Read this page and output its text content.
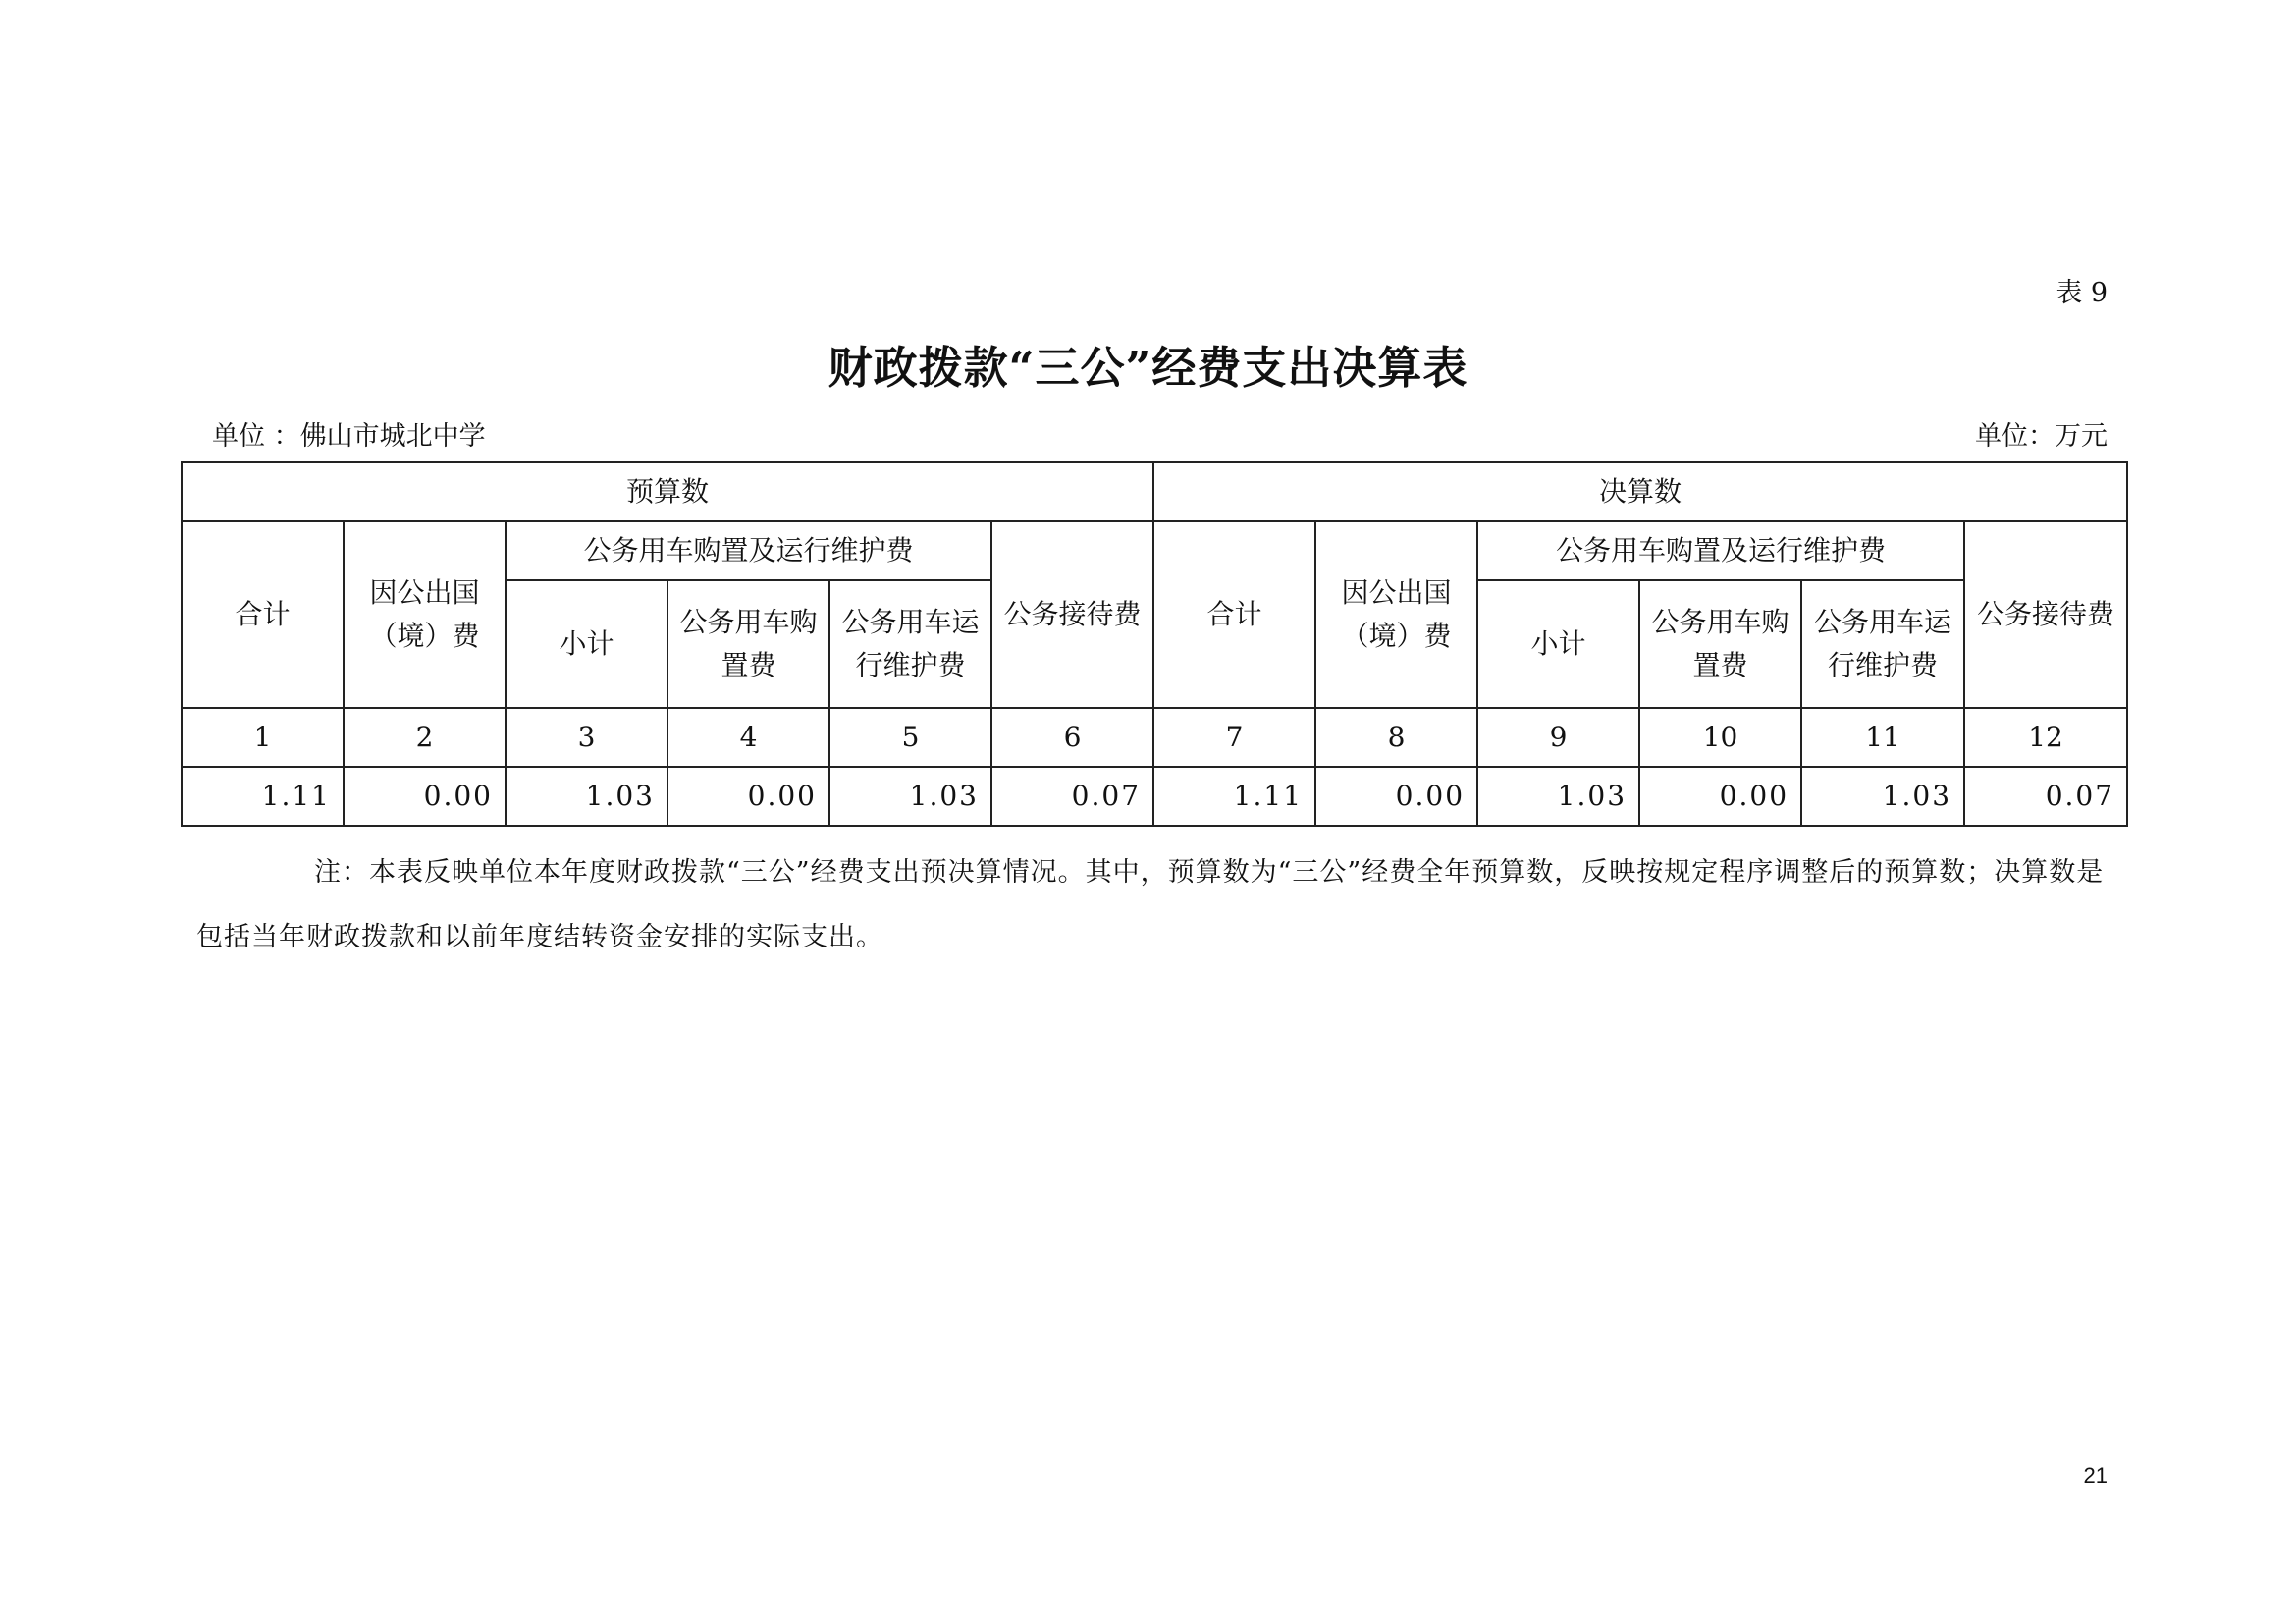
表 9
财政拨款“三公”经费支出决算表
单位 ：佛山市城北中学	单位：万元
预算数						决算数					
合计	因公出国（境）费	公务用车购置及运行维护费			公务接待费	合计	因公出国（境）费	公务用车购置及运行维护费			公务接待费
		小计	公务用车购置费	公务用车运行维护费				小计	公务用车购置费	公务用车运行维护费	
1	2	3	4	5	6	7	8	9	10	11	12
1.11	0.00	1.03	0.00	1.03	0.07	1.11	0.00	1.03	0.00	1.03	0.07
注：本表反映单位本年度财政拨款“三公”经费支出预决算情况。其中，预算数为“三公”经费全年预算数，反映按规定程序调整后的预算数；决算数是包括当年财政拨款和以前年度结转资金安排的实际支出。
21
